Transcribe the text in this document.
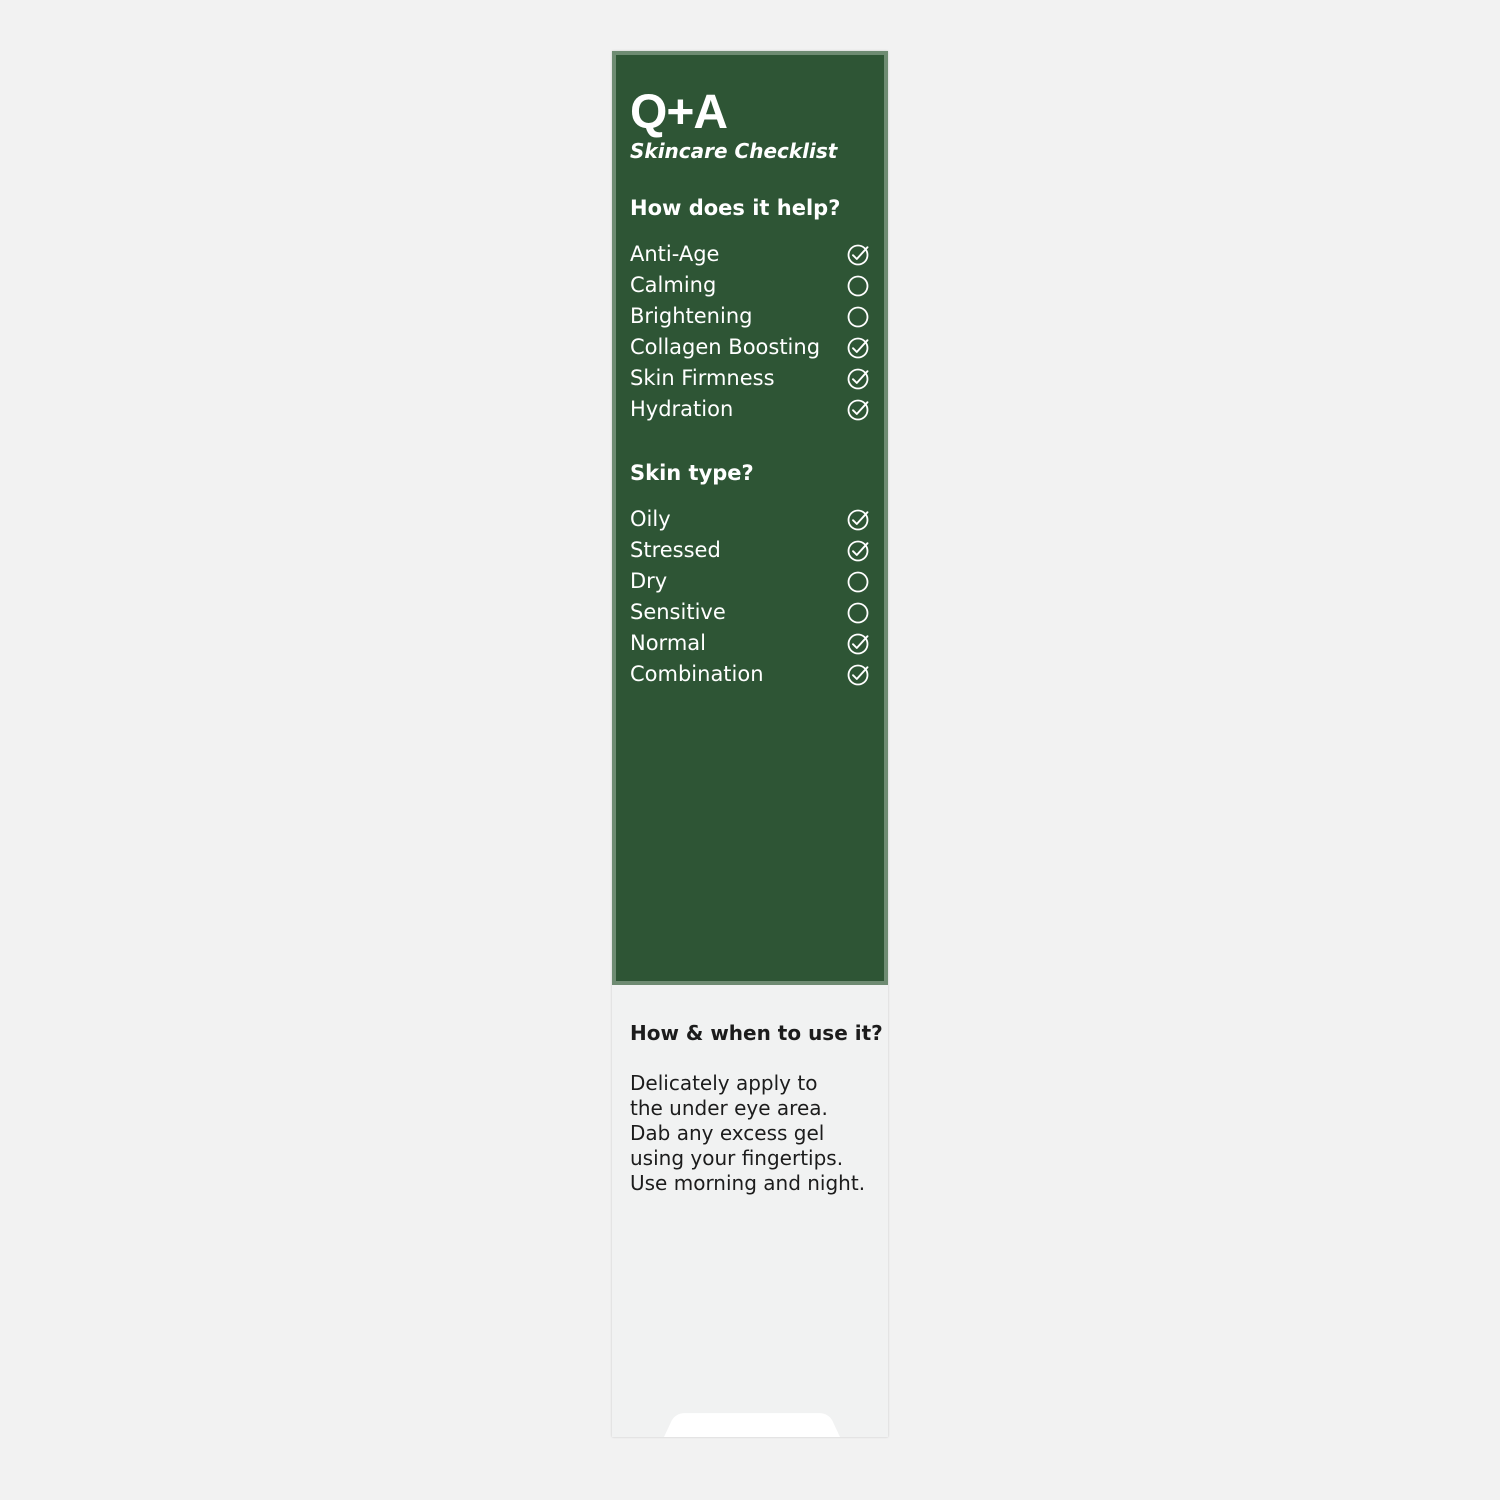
Q+A

Skincare Checklist

How does it help?
Anti-Age
Calming
Brightening
Collagen Boosting
Skin Firmness
Hydration
Skin type?
Oily
Stressed
Dry
Sensitive
Normal
Combination
How & when to use it?

Delicately apply to
the under eye area.
Dab any excess gel
using your fingertips.
Use morning and night.
